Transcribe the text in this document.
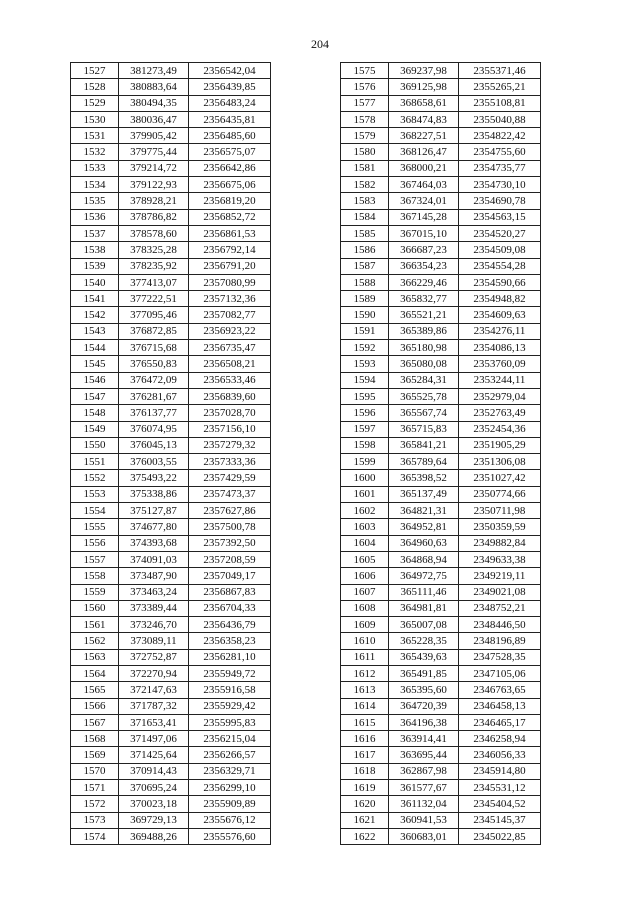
204
1527	381273,49	2356542,04
1528	380883,64	2356439,85
1529	380494,35	2356483,24
1530	380036,47	2356435,81
1531	379905,42	2356485,60
1532	379775,44	2356575,07
1533	379214,72	2356642,86
1534	379122,93	2356675,06
1535	378928,21	2356819,20
1536	378786,82	2356852,72
1537	378578,60	2356861,53
1538	378325,28	2356792,14
1539	378235,92	2356791,20
1540	377413,07	2357080,99
1541	377222,51	2357132,36
1542	377095,46	2357082,77
1543	376872,85	2356923,22
1544	376715,68	2356735,47
1545	376550,83	2356508,21
1546	376472,09	2356533,46
1547	376281,67	2356839,60
1548	376137,77	2357028,70
1549	376074,95	2357156,10
1550	376045,13	2357279,32
1551	376003,55	2357333,36
1552	375493,22	2357429,59
1553	375338,86	2357473,37
1554	375127,87	2357627,86
1555	374677,80	2357500,78
1556	374393,68	2357392,50
1557	374091,03	2357208,59
1558	373487,90	2357049,17
1559	373463,24	2356867,83
1560	373389,44	2356704,33
1561	373246,70	2356436,79
1562	373089,11	2356358,23
1563	372752,87	2356281,10
1564	372270,94	2355949,72
1565	372147,63	2355916,58
1566	371787,32	2355929,42
1567	371653,41	2355995,83
1568	371497,06	2356215,04
1569	371425,64	2356266,57
1570	370914,43	2356329,71
1571	370695,24	2356299,10
1572	370023,18	2355909,89
1573	369729,13	2355676,12
1574	369488,26	2355576,60
1575	369237,98	2355371,46
1576	369125,98	2355265,21
1577	368658,61	2355108,81
1578	368474,83	2355040,88
1579	368227,51	2354822,42
1580	368126,47	2354755,60
1581	368000,21	2354735,77
1582	367464,03	2354730,10
1583	367324,01	2354690,78
1584	367145,28	2354563,15
1585	367015,10	2354520,27
1586	366687,23	2354509,08
1587	366354,23	2354554,28
1588	366229,46	2354590,66
1589	365832,77	2354948,82
1590	365521,21	2354609,63
1591	365389,86	2354276,11
1592	365180,98	2354086,13
1593	365080,08	2353760,09
1594	365284,31	2353244,11
1595	365525,78	2352979,04
1596	365567,74	2352763,49
1597	365715,83	2352454,36
1598	365841,21	2351905,29
1599	365789,64	2351306,08
1600	365398,52	2351027,42
1601	365137,49	2350774,66
1602	364821,31	2350711,98
1603	364952,81	2350359,59
1604	364960,63	2349882,84
1605	364868,94	2349633,38
1606	364972,75	2349219,11
1607	365111,46	2349021,08
1608	364981,81	2348752,21
1609	365007,08	2348446,50
1610	365228,35	2348196,89
1611	365439,63	2347528,35
1612	365491,85	2347105,06
1613	365395,60	2346763,65
1614	364720,39	2346458,13
1615	364196,38	2346465,17
1616	363914,41	2346258,94
1617	363695,44	2346056,33
1618	362867,98	2345914,80
1619	361577,67	2345531,12
1620	361132,04	2345404,52
1621	360941,53	2345145,37
1622	360683,01	2345022,85
